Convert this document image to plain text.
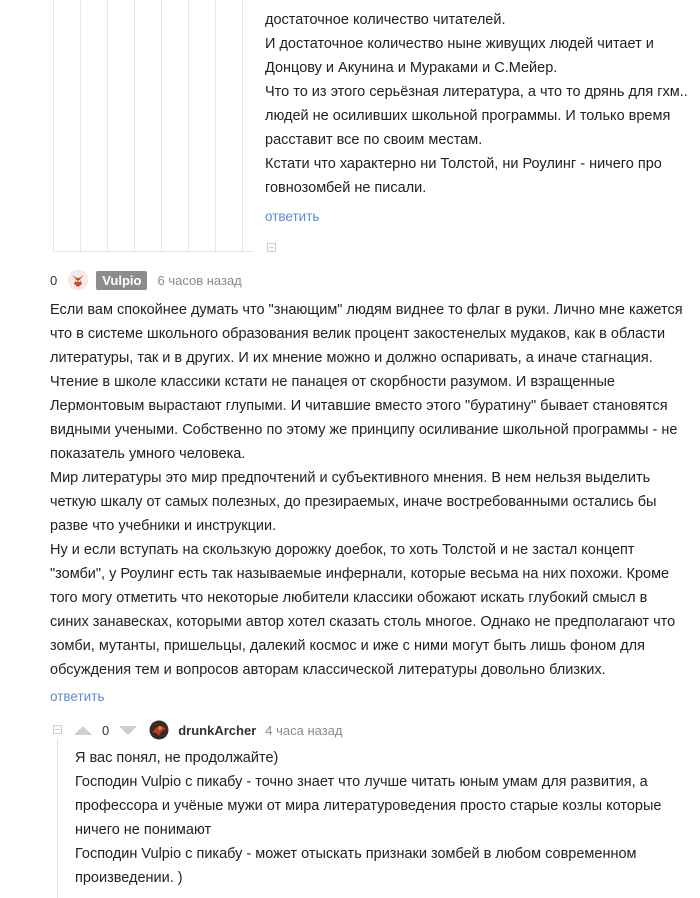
достаточное количество читателей.

И достаточное количество ныне живущих людей читает и

Донцову и Акунина и Мураками и С.Мейер.

Что то из этого серьёзная литература, а что то дрянь для гхм..

людей не осиливших школьной программы. И только время

расставит все по своим местам.

Кстати что характерно ни Толстой, ни Роулинг - ничего про

говнозомбей не писали.

ответить
0	Vulpio	6 часов назад

Если вам спокойнее думать что "знающим" людям виднее то флаг в руки. Лично мне кажется

что в системе школьного образования велик процент закостенелых мудаков, как в области

литературы, так и в других. И их мнение можно и должно оспаривать, а иначе стагнация.

Чтение в школе классики кстати не панацея от скорбности разумом. И взращенные

Лермонтовым вырастают глупыми. И читавшие вместо этого "буратину" бывает становятся

видными учеными. Собственно по этому же принципу осиливание школьной программы - не

показатель умного человека.

Мир литературы это мир предпочтений и субъективного мнения. В нем нельзя выделить

четкую шкалу от самых полезных, до презираемых, иначе востребованными остались бы

разве что учебники и инструкции.

Ну и если вступать на скользкую дорожку доебок, то хоть Толстой и не застал концепт

"зомби", у Роулинг есть так называемые инфернали, которые весьма на них похожи. Кроме

того могу отметить что некоторые любители классики обожают искать глубокий смысл в

синих занавесках, которыми автор хотел сказать столь многое. Однако не предполагают что

зомби, мутанты, пришельцы, далекий космос и иже с ними могут быть лишь фоном для

обсуждения тем и вопросов авторам классической литературы довольно близких.

ответить
0	drunkArcher 4 часа назад

Я вас понял, не продолжайте)

Господин Vulpio с пикабу - точно знает что лучше читать юным умам для развития, а

профессора и учёные мужи от мира литературоведения просто старые козлы которые

ничего не понимают

Господин Vulpio с пикабу - может отыскать признаки зомбей в любом современном

произведении. )
